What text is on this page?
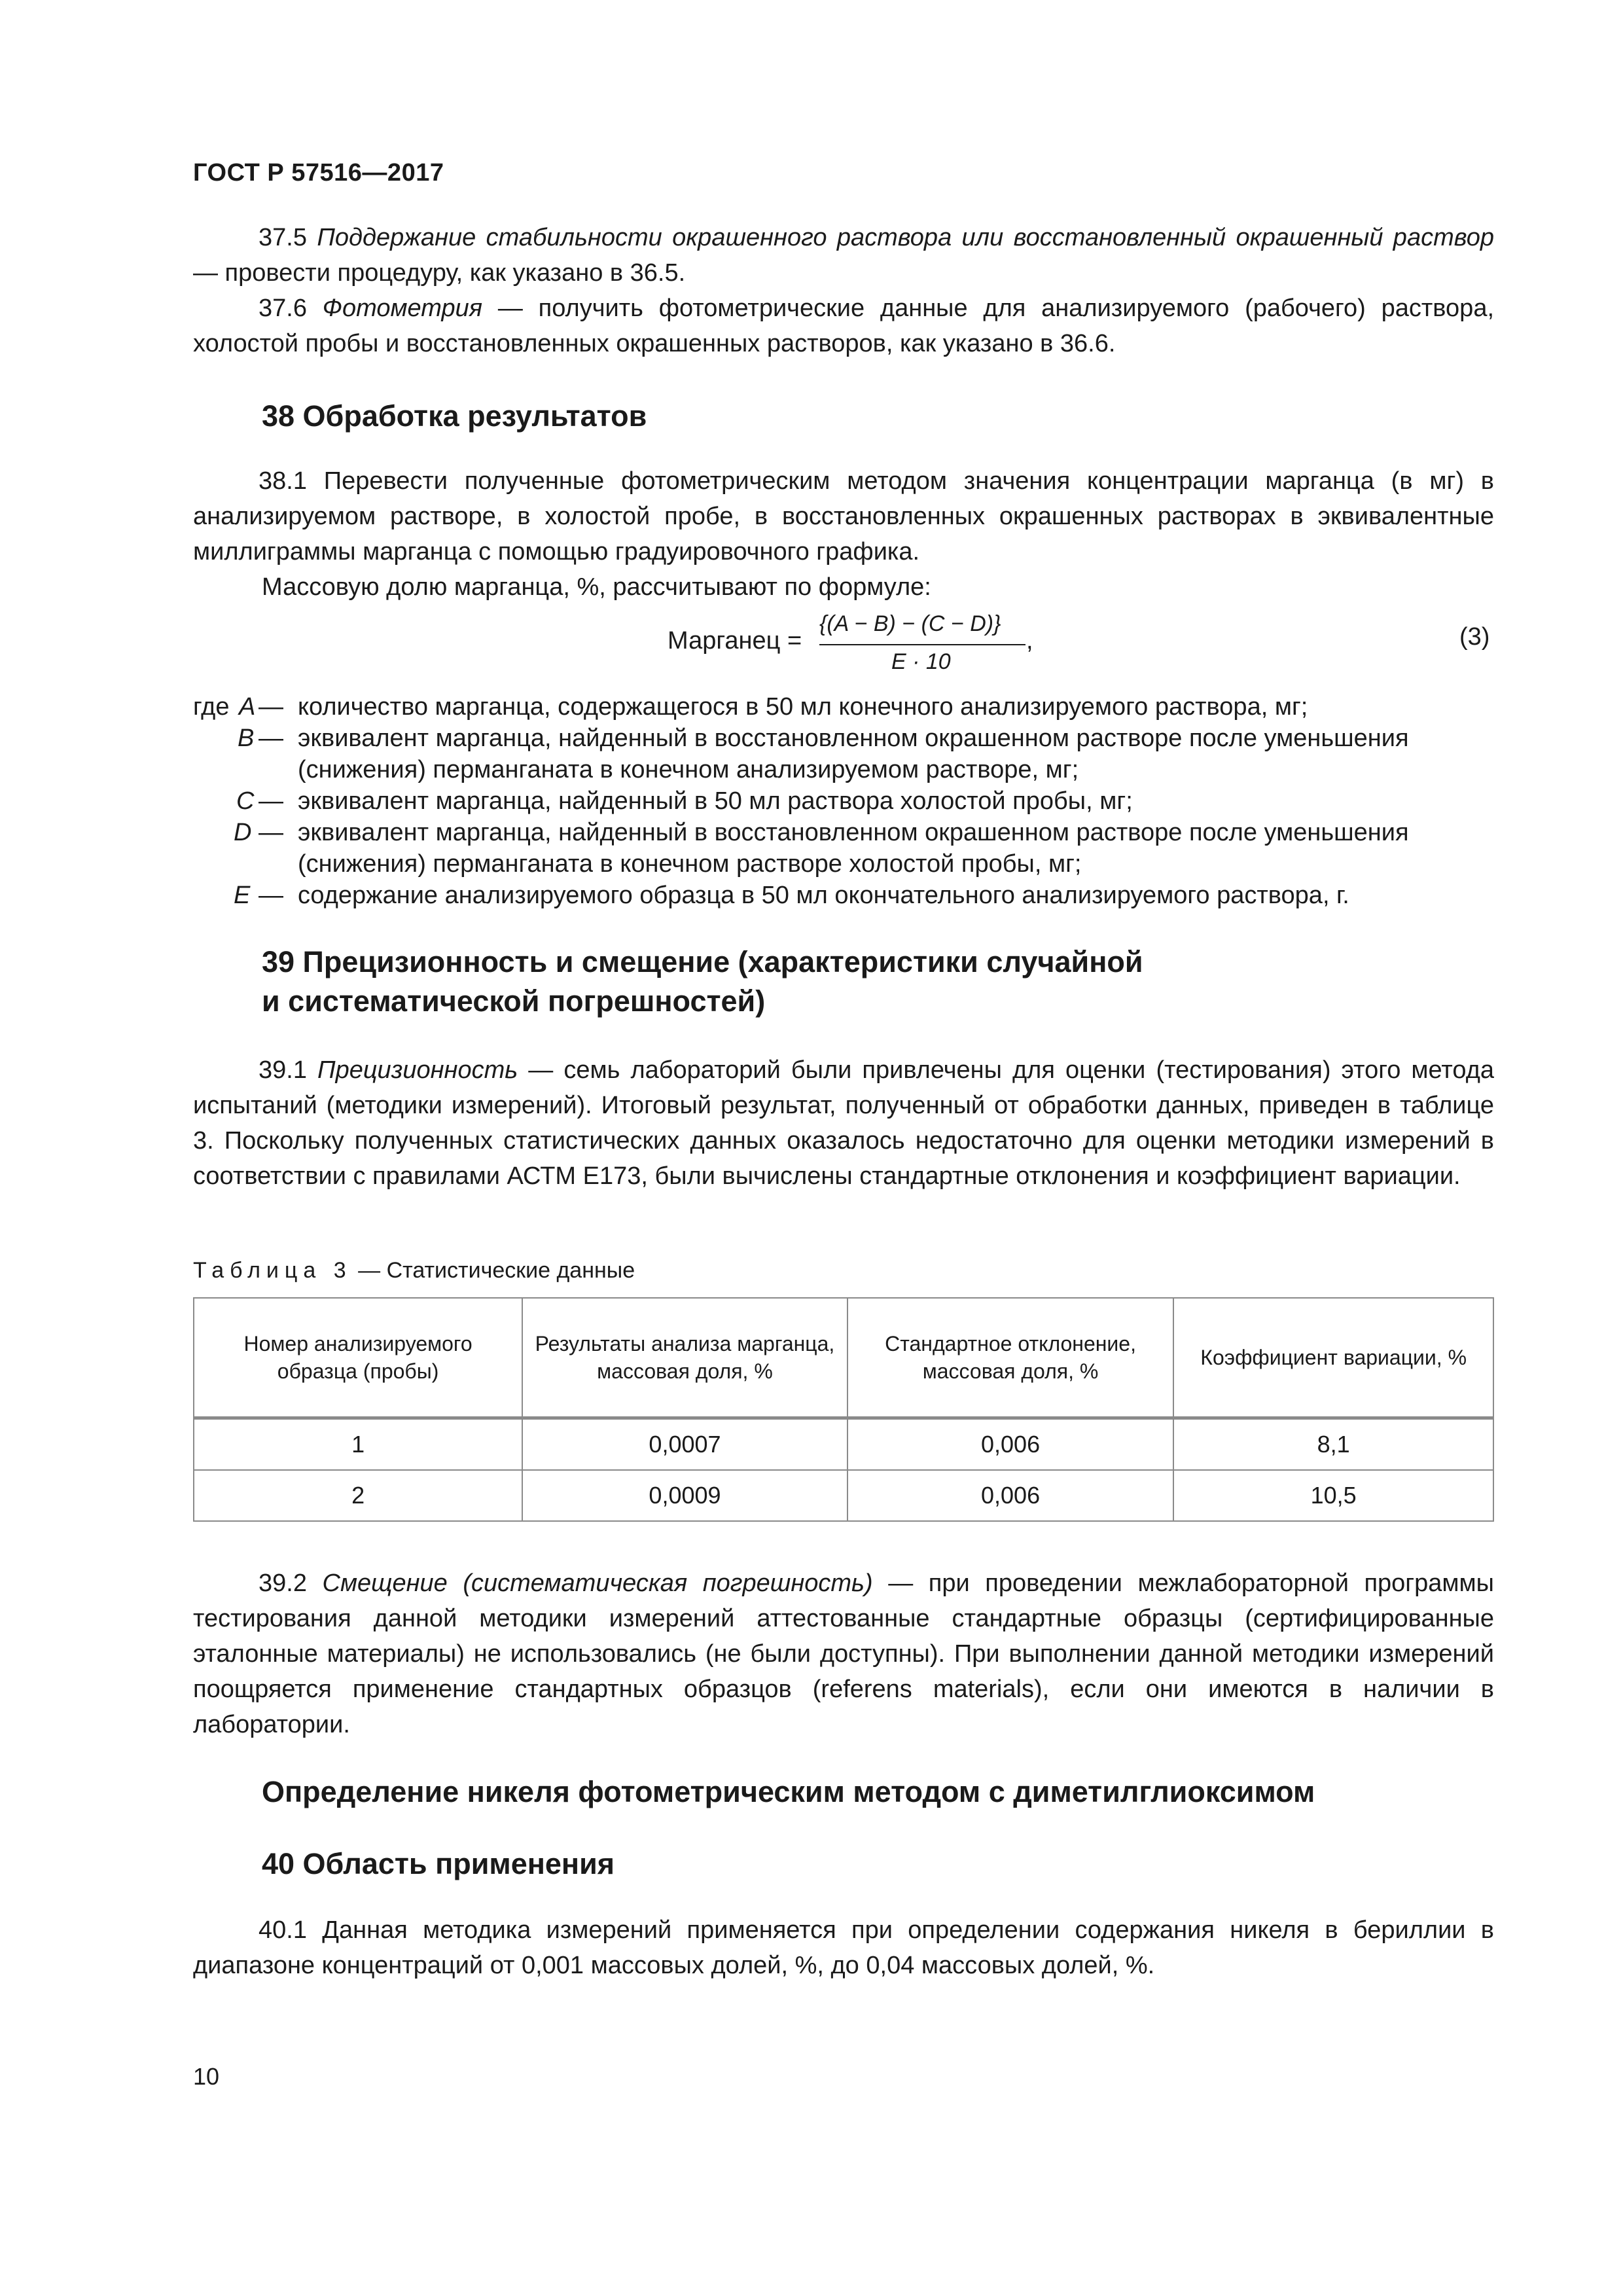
ГОСТ Р 57516—2017

37.5 Поддержание стабильности окрашенного раствора или восстановленный окрашенный раствор — провести процедуру, как указано в 36.5.

37.6 Фотометрия — получить фотометрические данные для анализируемого (рабочего) раствора, холостой пробы и восстановленных окрашенных растворов, как указано в 36.6.

38 Обработка результатов

38.1 Перевести полученные фотометрическим методом значения концентрации марганца (в мг) в анализируемом растворе, в холостой пробе, в восстановленных окрашенных растворах в эквивалентные миллиграммы марганца с помощью градуировочного графика.

Массовую долю марганца, %, рассчитывают по формуле:

Марганец =
{(A − B) − (C − D)}
E · 10
,	(3)
где A — количество марганца, содержащегося в 50 мл конечного анализируемого раствора, мг;
B — эквивалент марганца, найденный в восстановленном окрашенном растворе после уменьшения
(снижения) перманганата в конечном анализируемом растворе, мг;
C — эквивалент марганца, найденный в 50 мл раствора холостой пробы, мг;
D — эквивалент марганца, найденный в восстановленном окрашенном растворе после уменьшения
(снижения) перманганата в конечном растворе холостой пробы, мг;
E — содержание анализируемого образца в 50 мл окончательного анализируемого раствора, г.
39 Прецизионность и смещение (характеристики случайной
и систематической погрешностей)

39.1 Прецизионность — семь лабораторий были привлечены для оценки (тестирования) этого метода испытаний (методики измерений). Итоговый результат, полученный от обработки данных, приведен в таблице 3. Поскольку полученных статистических данных оказалось недостаточно для оценки методики измерений в соответствии с правилами АСТМ Е173, были вычислены стандартные отклонения и коэффициент вариации.

Таблица 3 — Статистические данные
Номер анализируемого образца (пробы)	Результаты анализа марганца, массовая доля, %	Стандартное отклонение, массовая доля, %	Коэффициент вариации, %
1	0,0007	0,006	8,1
2	0,0009	0,006	10,5

39.2 Смещение (систематическая погрешность) — при проведении межлабораторной программы тестирования данной методики измерений аттестованные стандартные образцы (сертифицированные эталонные материалы) не использовались (не были доступны). При выполнении данной методики измерений поощряется применение стандартных образцов (referens materials), если они имеются в наличии в лаборатории.

Определение никеля фотометрическим методом с диметилглиоксимом
40 Область применения

40.1 Данная методика измерений применяется при определении содержания никеля в бериллии в диапазоне концентраций от 0,001 массовых долей, %, до 0,04 массовых долей, %.

10
